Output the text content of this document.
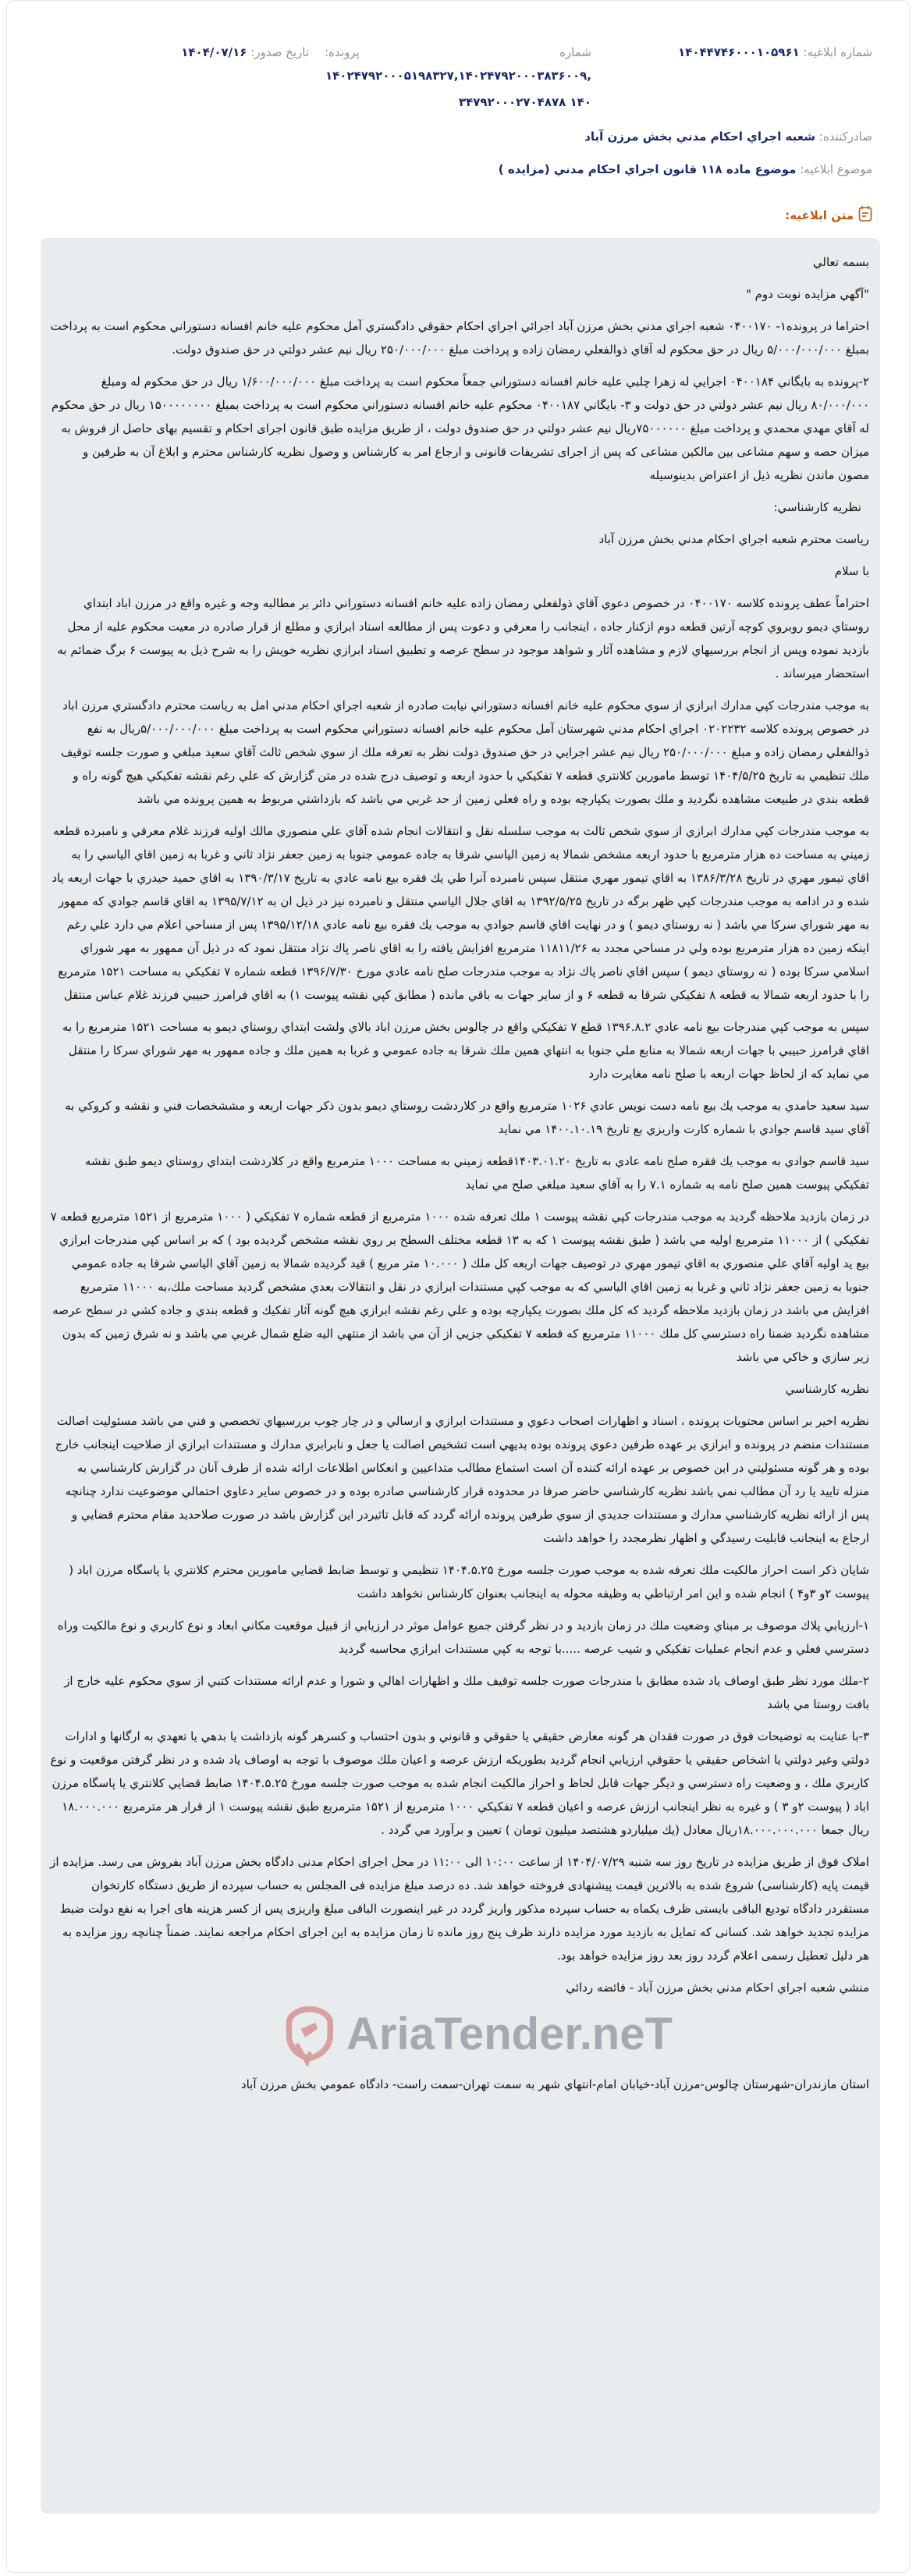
شماره ابلاغيه: ۱۴۰۴۴۷۴۶۰۰۰۱۰۵۹۶۱
شماره
پرونده:
۱۴۰۲۴۷۹۲۰۰۰۵۱۹۸۳۲۷,۱۴۰۲۴۷۹۲۰۰۰۳۸۳۶۰۰۹,۱۴۰ ۳۴۷۹۲۰۰۰۲۷۰۴۸۷۸
تاريخ صدور: ۱۴۰۴/۰۷/۱۶
صادركننده: شعبه اجراي احكام مدني بخش مرزن آباد
موضوع ابلاغيه: موضوع ماده ۱۱۸ قانون اجراي احكام مدني (مزايده )
متن ابلاغيه:

بسمه تعالي

"آگهي مزايده نوبت دوم "

احتراما در پرونده۱- ۰۴۰۰۱۷۰ شعبه اجراي مدني بخش مرزن آباد اجرائي اجراي احكام حقوقي دادگستري آمل محكوم عليه خانم افسانه دستوراني محكوم است به پرداخت بمبلغ ۵/۰۰۰/۰۰۰/۰۰۰ ريال در حق محكوم له آقاي ذوالفعلي رمضان زاده و پرداخت مبلغ ۲۵۰/۰۰۰/۰۰۰ ريال نيم عشر دولتي در حق صندوق دولت.

۲-پرونده به بايگاني ۰۴۰۰۱۸۴ اجرايي له زهرا چلبي عليه خانم افسانه دستوراني جمعاً محكوم است به پرداخت مبلغ ۱/۶۰۰/۰۰۰/۰۰۰ ريال در حق محكوم له ومبلغ ۸۰/۰۰۰/۰۰۰ ريال نيم عشر دولتي در حق دولت و ۳- بايگاني ۰۴۰۰۱۸۷ محكوم عليه خانم افسانه دستوراني محكوم است به پرداخت بمبلغ ۱۵۰۰۰۰۰۰۰۰ ريال در حق محكوم له آقاي مهدي محمدي و پرداخت مبلغ ۷۵۰۰۰۰۰۰ريال نيم عشر دولتي در حق صندوق دولت ، از طريق مزايده طبق قانون اجرای احكام و تقسيم بهای حاصل از فروش به ميزان حصه و سهم مشاعی بين مالكين مشاعی كه پس از اجرای تشريفات قانونی و ارجاع امر به كارشناس و وصول نظريه كارشناس محترم و ابلاغ آن به طرفين و مصون ماندن نظريه ذيل از اعتراض بدينوسيله

نظريه كارشناسي:

رياست محترم شعبه اجراي احكام مدني بخش مرزن آباد

با سلام

احتراماً عطف پرونده كلاسه ۰۴۰۰۱۷۰ در خصوص دعوي آقاي ذولفعلي رمضان زاده عليه خانم افسانه دستوراني دائر بر مطالبه وجه و غيره واقع در مرزن اباد ابتداي روستاي ديمو روبروي كوچه آرتين قطعه دوم ازكنار جاده ، اينجانب را معرفي و دعوت پس از مطالعه اسناد ابرازي و مطلع از قرار صادره در معيت محكوم عليه از محل بازديد نموده وپس از انجام بررسيهاي لازم و مشاهده آثار و شواهد موجود در سطح عرصه و تطبيق اسناد ابرازي نظريه خويش را به شرح ذيل به پيوست ۶ برگ ضمائم به استحضار ميرساند .

به موجب مندرجات كپي مدارك ابرازي از سوي محكوم عليه خانم افسانه دستوراني نيابت صادره از شعبه اجراي احكام مدني امل به رياست محترم دادگستري مرزن اباد در خصوص پرونده كلاسه ۰۲۰۲۲۳۲ اجراي احكام مدني شهرستان آمل محكوم عليه خانم افسانه دستوراني محكوم است به پرداخت مبلغ ۵/۰۰۰/۰۰۰/۰۰۰ريال به نفع ذوالفعلي رمضان زاده و مبلغ ۲۵۰/۰۰۰/۰۰۰ ريال نيم عشر اجرايي در حق صندوق دولت نظر به تعرفه ملك از سوي شخص ثالث آقاي سعيد مبلغي و صورت جلسه توقيف ملك تنظيمي به تاريخ ۱۴۰۴/۵/۲۵ توسط مامورين كلانتري قطعه ۷ تفكيكي با حدود اربعه و توصيف درج شده در متن گزارش كه علي رغم نقشه تفكيكي هيچ گونه راه و قطعه بندي در طبيعت مشاهده نگرديد و ملك بصورت يكپارچه بوده و راه فعلي زمين از حد غربي مي باشد كه بازداشتي مربوط به همين پرونده مي باشد

به موجب مندرجات كپي مدارك ابرازي از سوي شخص ثالث به موجب سلسله نقل و انتقالات انجام شده آقاي علي منصوري مالك اوليه فرزند غلام معرفي و نامبرده قطعه زميني به مساحت ده هزار مترمربع با حدود اربعه مشخص شمالا به زمين الياسي شرقا به جاده عمومي جنوبا به زمين جعفر نژاد ثاني و غربا به زمين اقاي الياسي را به اقاي تيمور مهري در تاريخ ۱۳۸۶/۳/۲۸ به اقاي تيمور مهري منتقل سپس نامبرده آنرا طي يك فقره بيع نامه عادي به تاريخ ۱۳۹۰/۳/۱۷ به اقاي حميد حيدري با جهات اربعه ياد شده و در ادامه به موجب مندرجات كپي ظهر برگه در تاريخ ۱۳۹۲/۵/۲۵ به اقاي جلال الياسي منتقل و نامبرده نيز در ذيل ان به ۱۳۹۵/۷/۱۲ به اقاي قاسم جوادي كه ممهور به مهر شوراي سركا مي باشد ( نه روستاي ديمو ) و در نهايت اقاي قاسم جوادي به موجب يك فقره بيع نامه عادي ۱۳۹۵/۱۲/۱۸ پس از مساحي اعلام مي دارد علي رغم اينكه زمين ده هزار مترمربع بوده ولي در مساحي مجدد به ۱۱۸۱۱/۲۶ مترمربع افزايش يافته را به اقاي ناصر پاك نژاد منتقل نمود كه در ذيل آن ممهور به مهر شوراي اسلامي سركا بوده ( نه روستاي ديمو ) سپس اقاي ناصر پاك نژاد به موجب مندرجات صلح نامه عادي مورخ ۱۳۹۶/۷/۳۰ قطعه شماره ۷ تفكيكي به مساحت ۱۵۲۱ مترمربع را با حدود اربعه شمالا به قطعه ۸ تفكيكي شرقا به قطعه ۶ و از ساير جهات به باقي مانده ( مطابق كپي نقشه پيوست ۱) به اقاي فرامرز حبيبي فرزند غلام عباس منتقل

سپس به موجب كپي مندرجات بيع نامه عادي ۱۳۹۶.۸.۲ قطع ۷ تفكيكي واقع در چالوس بخش مرزن اباد بالاي ولشت ابتداي روستاي ديمو به مساحت ۱۵۲۱ مترمربع را به اقاي فرامرز حبيبي با جهات اربعه شمالا به منابع ملي جنوبا به انتهاي همين ملك شرقا به جاده عمومي و غربا به همين ملك و جاده ممهور به مهر شوراي سركا را منتقل مي نمايد كه از لحاظ جهات اربعه با صلح نامه مغايرت دارد

سيد سعيد حامدي به موجب يك بيع نامه دست نويس عادي ۱۰۲۶ مترمربع واقع در كلاردشت روستاي ديمو بدون ذكر جهات اربعه و مششخصات فني و نقشه و كروكي به آقاي سيد قاسم جوادي با شماره كارت واريزي بع تاريخ ۱۴۰۰.۱۰.۱۹ مي نمايد

سيد قاسم جوادي به موجب يك فقره صلح نامه عادي به تاريخ ۱۴۰۳.۰۱.۲۰قطعه زميني به مساحت ۱۰۰۰ مترمربع واقع در كلاردشت ابتداي روستاي ديمو طبق نقشه تفكيكي پيوست همين صلح نامه به شماره ۷.۱ را به آقاي سعيد مبلغي صلح مي نمايد

در زمان بازديد ملاحظه گرديد به موجب مندرجات كپي نقشه پيوست ۱ ملك تعرفه شده ۱۰۰۰ مترمربع از قطعه شماره ۷ تفكيكي ( ۱۰۰۰ مترمربع از ۱۵۲۱ مترمربع قطعه ۷ تفكيكي ) از ۱۱۰۰۰ مترمربع اوليه مي باشد ( طبق نقشه پيوست ۱ كه به ۱۳ قطعه مختلف السطح بر روي نقشه مشخص گرديده بود ) كه بر اساس كپي مندرجات ابرازي بيع يد اوليه آقاي علي منصوري به اقاي تيمور مهري در توصيف جهات اربعه كل ملك ( ۱۰.۰۰۰ متر مربع ) قيد گرديده شمالا به زمين آقاي الياسي شرقا به جاده عمومي جنوبا به زمين جعفر نژاد ثاني و غربا به زمين اقاي الياسي كه به موجب كپي مستندات ابرازي در نقل و انتقالات بعدي مشخص گرديد مساحت ملك،به ۱۱۰۰۰ مترمربع افزايش مي باشد در زمان بازديد ملاحظه گرديد كه كل ملك بصورت يكپارچه بوده و علي رغم نقشه ابرازي هيچ گونه آثار تفكيك و قطعه بندي و جاده كشي در سطح عرصه مشاهده نگرديد ضمنا راه دسترسي كل ملك ۱۱۰۰۰ مترمربع كه قطعه ۷ تفكيكي جزيي از آن مي باشد از منتهي اليه ضلع شمال غربي مي باشد و نه شرق زمين كه بدون زير سازي و خاكي مي باشد

نظريه كارشناسي

نظريه اخير بر اساس محتويات پرونده ، اسناد و اظهارات اصحاب دعوي و مستندات ابرازي و ارسالي و در چار چوب بررسيهاي تخصصي و فني مي باشد مسئوليت اصالت مستندات منضم در پرونده و ابرازي بر عهده طرفين دعوي پرونده بوده بديهي است تشخيص اصالت يا جعل و نابرابري مدارك و مستندات ابرازي از صلاحيت اينجانب خارج بوده و هر گونه مسئوليتي در اين خصوص بر عهده ارائه كننده آن است استماع مطالب متداعيين و انعكاس اطلاعات ارائه شده از طرف آنان در گزارش كارشناسي به منزله تاييد يا رد آن مطالب نمي باشد نظريه كارشناسي حاضر صرفا در محدوده قرار كارشناسي صادره بوده و در خصوص ساير دعاوي احتمالي موضوعيت ندارد چنانچه پس از ارائه نظريه كارشناسي مدارك و مستندات جديدي از سوي طرفين پرونده ارائه گردد كه قابل تاثيردر اين گزارش باشد در صورت صلاحديد مقام محترم قضايي و ارجاع به اينجانب قابليت رسيدگي و اظهار نظرمجدد را خواهد داشت

شايان ذكر است احراز مالكيت ملك تعرفه شده به موجب صورت جلسه مورخ ۱۴۰۴.۵.۲۵ تنظيمي و توسط ضابط قضايي مامورين محترم كلانتري يا پاسگاه مرزن اباد ( پيوست ۲و ۳و۴ ) انجام شده و اين امر ارتباطي به وظيفه محوله به اينجانب بعنوان كارشناس نخواهد داشت

۱-ارزيابي پلاك موصوف بر مبناي وضعيت ملك در زمان بازديد و در نظر گرفتن جميع عوامل موثر در ارزيابي از قبيل موقعيت مكاني ابعاد و نوع كاربري و نوع مالكيت وراه دسترسي فعلي و عدم انجام عمليات تفكيكي و شيب عرصه .....با توجه به كپي مستندات ابرازي محاسبه گرديد

۲-ملك مورد نظر طبق اوصاف ياد شده مطابق با مندرجات صورت جلسه توقيف ملك و اظهارات اهالي و شورا و عدم ارائه مستندات كتبي از سوي محكوم عليه خارج از بافت روستا مي باشد

۳-با عنايت به توضيحات فوق در صورت فقدان هر گونه معارض حقيقي يا حقوقي و قانوني و بدون احتساب و كسرهر گونه بازداشت يا بدهي يا تعهدي به ارگانها و ادارات دولتي وغير دولتي يا اشخاص حقيقي يا حقوقي ارزيابي انجام گرديد بطوريكه ارزش عرصه و اعيان ملك موصوف با توجه به اوصاف ياد شده و در نظر گرفتن موقعيت و نوع كاربري ملك ، و وضعيت راه دسترسي و ديگر جهات قابل لحاظ و احراز مالكيت انجام شده به موجب صورت جلسه مورخ ۱۴۰۴.۵.۲۵ ضابط قضايي كلانتري يا پاسگاه مرزن اباد ( پيوست ۲و ۳ ) و غيره به نظر اينجانب ارزش عرصه و اعيان قطعه ۷ تفكيكي ۱۰۰۰ مترمربع از ۱۵۲۱ مترمربع طبق نقشه پيوست ۱ از قرار هر مترمربع ۱۸.۰۰۰.۰۰۰ ريال جمعا ۱۸.۰۰۰.۰۰۰.۰۰۰ريال معادل (يك ميلياردو هشتصد ميليون تومان ) تعيين و برآورد مي گردد .

املاک فوق از طريق مزايده در تاريخ روز سه شنبه ۱۴۰۴/۰۷/۲۹ از ساعت ۱۰:۰۰ الی ۱۱:۰۰ در محل اجرای احکام مدنی دادگاه بخش مرزن آباد بفروش می رسد. مزایده از قیمت پایه (کارشناسی) شروع شده به بالاترین قیمت پیشنهادی فروخته خواهد شد. ده درصد مبلغ مزایده فی المجلس به حساب سپرده از طریق دستگاه کارتخوان مستقردر دادگاه توديع الباقی بایستی ظرف یکماه به حساب سپرده مذکور واریز گردد در غیر اینصورت الباقی مبلغ واریزی پس از کسر هزینه های اجرا به نفع دولت ضبط مزایده تجدید خواهد شد. کسانی که تمایل به بازدید مورد مزایده دارند ظرف پنج روز مانده تا زمان مزایده به این اجرای احکام مراجعه نمایند. ضمناً چنانچه روز مزایده به هر دلیل تعطیل رسمی اعلام گردد روز بعد روز مزایده خواهد بود.

منشي شعبه اجراي احكام مدني بخش مرزن آباد - فائضه ردائي

AriaTender.neT

استان مازندران-شهرستان چالوس-مرزن آباد-خيابان امام-انتهاي شهر به سمت تهران-سمت راست- دادگاه عمومي بخش مرزن آباد
